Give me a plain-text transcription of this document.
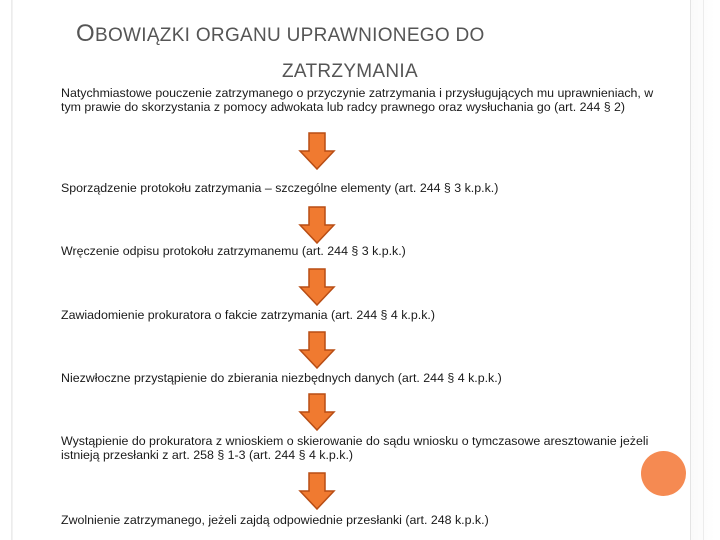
OBOWIĄZKI ORGANU UPRAWNIONEGO DO
ZATRZYMANIA
Natychmiastowe pouczenie zatrzymanego o przyczynie zatrzymania i przysługujących mu uprawnieniach, w tym prawie do skorzystania z pomocy adwokata lub radcy prawnego oraz wysłuchania go (art. 244 § 2)
Sporządzenie protokołu zatrzymania – szczególne elementy (art. 244 § 3 k.p.k.)
Wręczenie odpisu protokołu zatrzymanemu (art. 244 § 3 k.p.k.)
Zawiadomienie prokuratora o fakcie zatrzymania (art. 244 § 4 k.p.k.)
Niezwłoczne przystąpienie do zbierania niezbędnych danych (art. 244 § 4 k.p.k.)
Wystąpienie do prokuratora z wnioskiem o skierowanie do sądu wniosku o tymczasowe aresztowanie jeżeli istnieją przesłanki z art. 258 § 1-3 (art. 244 § 4 k.p.k.)
Zwolnienie zatrzymanego, jeżeli zajdą odpowiednie przesłanki (art. 248 k.p.k.)
